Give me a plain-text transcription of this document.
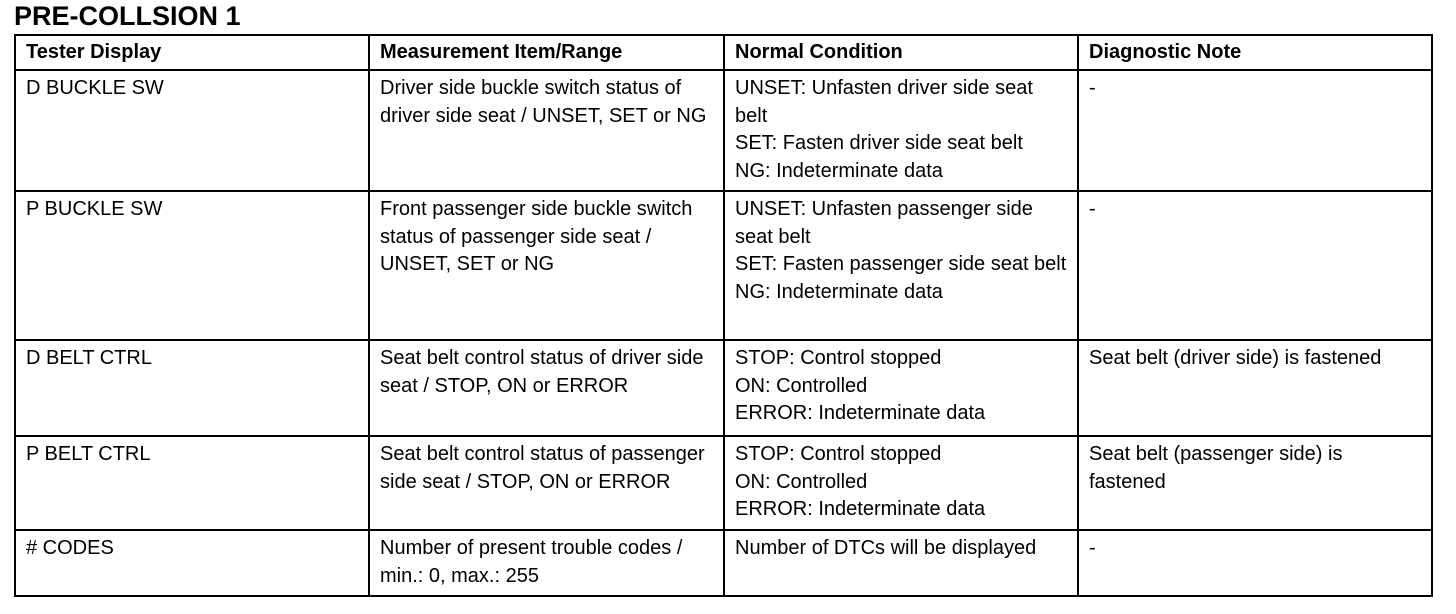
PRE-COLLSION 1
Tester Display	Measurement Item/Range	Normal Condition	Diagnostic Note
D BUCKLE SW	Driver side buckle switch status of driver side seat / UNSET, SET or NG	UNSET: Unfasten driver side seat belt
SET: Fasten driver side seat belt
NG: Indeterminate data	-
P BUCKLE SW	Front passenger side buckle switch status of passenger side seat / UNSET, SET or NG	UNSET: Unfasten passenger side seat belt
SET: Fasten passenger side seat belt
NG: Indeterminate data	-
D BELT CTRL	Seat belt control status of driver side seat / STOP, ON or ERROR	STOP: Control stopped
ON: Controlled
ERROR: Indeterminate data	Seat belt (driver side) is fastened
P BELT CTRL	Seat belt control status of passenger side seat / STOP, ON or ERROR	STOP: Control stopped
ON: Controlled
ERROR: Indeterminate data	Seat belt (passenger side) is fastened
# CODES	Number of present trouble codes / min.: 0, max.: 255	Number of DTCs will be displayed	-
